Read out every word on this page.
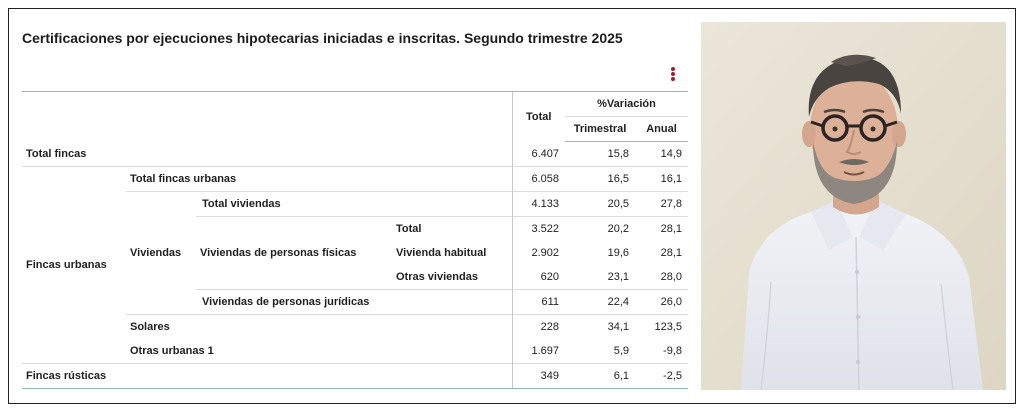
Certificaciones por ejecuciones hipotecarias iniciadas e inscritas. Segundo trimestre 2025
				Total	%Variación	
					Trimestral	Anual
Total fincas				6.407	15,8	14,9
Fincas urbanas	Total fincas urbanas			6.058	16,5	16,1
	Viviendas	Total viviendas		4.133	20,5	27,8
		Viviendas de personas físicas	Total	3.522	20,2	28,1
			Vivienda habitual	2.902	19,6	28,1
			Otras viviendas	620	23,1	28,0
		Viviendas de personas jurídicas		611	22,4	26,0
	Solares			228	34,1	123,5
	Otras urbanas 1			1.697	5,9	-9,8
Fincas rústicas				349	6,1	-2,5
